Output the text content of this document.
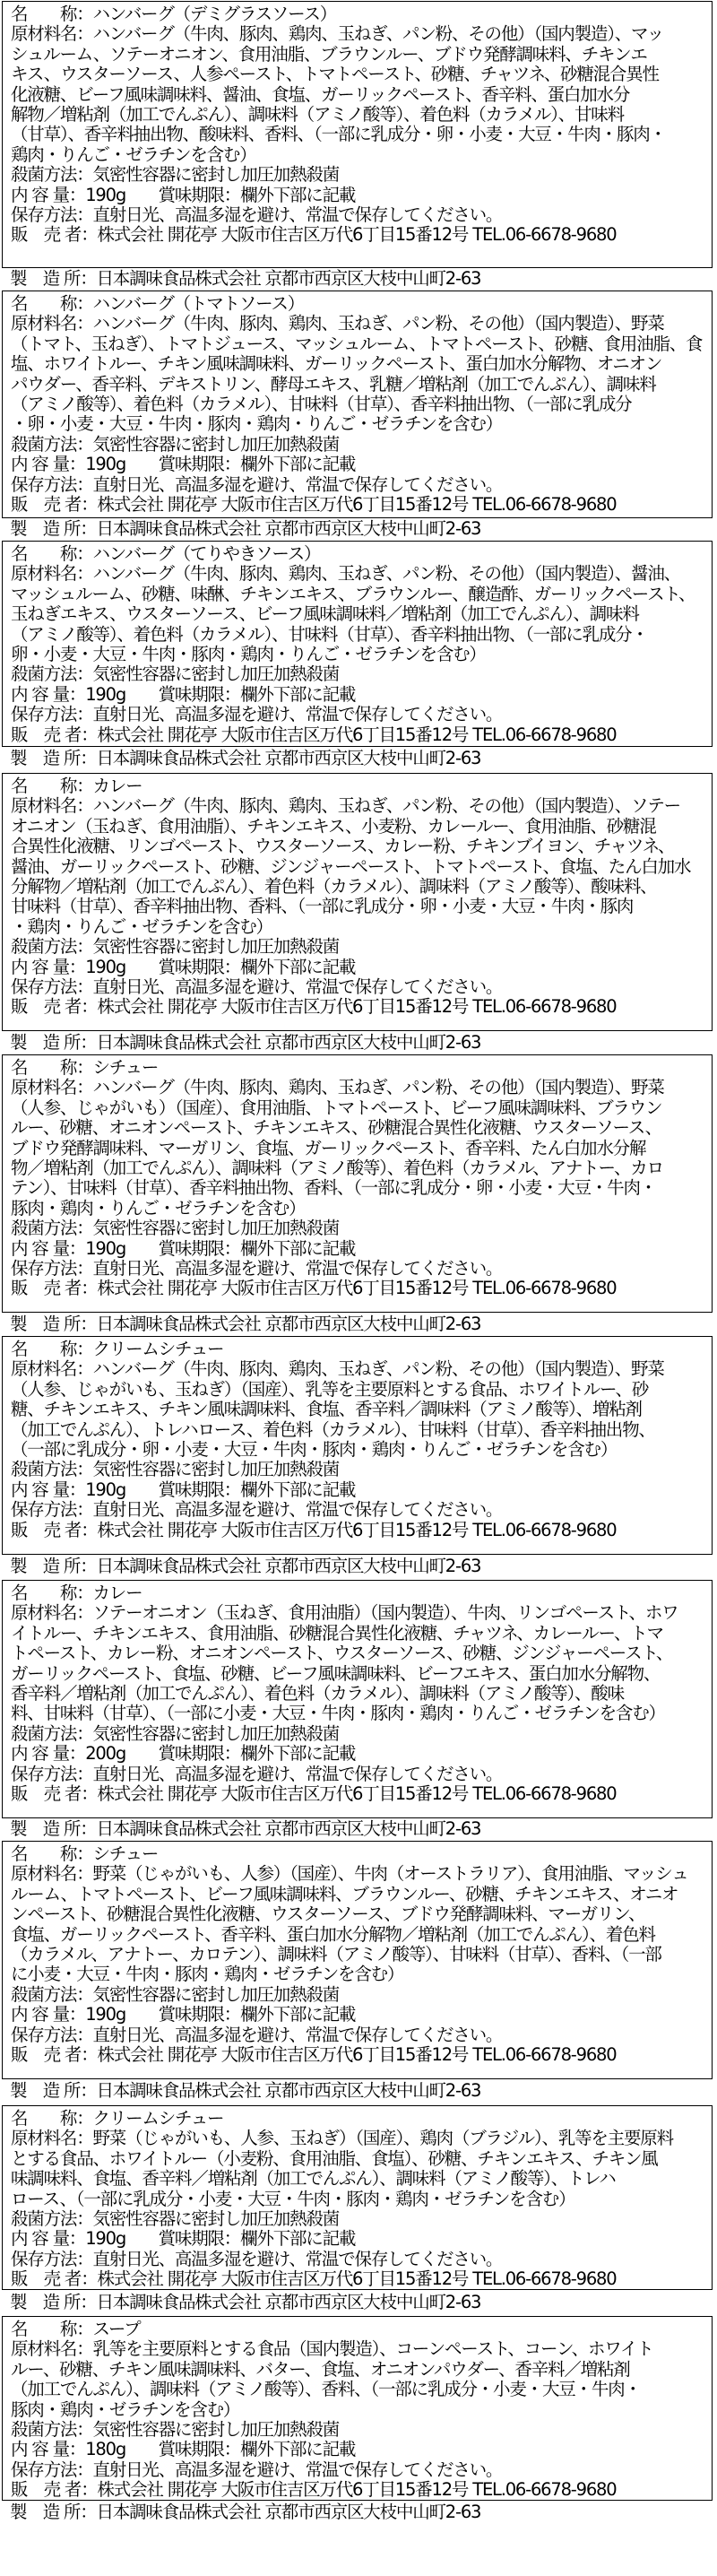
名　　称：ハンバーグ（デミグラスソース）
原材料名：ハンバーグ（牛肉、豚肉、鶏肉、玉ねぎ、パン粉、その他）（国内製造）、マッ
シュルーム、ソテーオニオン、食用油脂、ブラウンルー、ブドウ発酵調味料、チキンエ
キス、ウスターソース、人参ペースト、トマトペースト、砂糖、チャツネ、砂糖混合異性
化液糖、ビーフ風味調味料、醤油、食塩、ガーリックペースト、香辛料、蛋白加水分
解物／増粘剤（加工でんぷん）、調味料（アミノ酸等）、着色料（カラメル）、甘味料
（甘草）、香辛料抽出物、酸味料、香料、（一部に乳成分・卵・小麦・大豆・牛肉・豚肉・
鶏肉・りんご・ゼラチンを含む）
殺菌方法：気密性容器に密封し加圧加熱殺菌
内 容 量：190g　　賞味期限：欄外下部に記載
保存方法：直射日光、高温多湿を避け、常温で保存してください。
販　売 者：株式会社 開花亭 大阪市住吉区万代6丁目15番12号 TEL.06-6678-9680
製　造 所：日本調味食品株式会社 京都市西京区大枝中山町2-63
名　　称：ハンバーグ（トマトソース）
原材料名：ハンバーグ（牛肉、豚肉、鶏肉、玉ねぎ、パン粉、その他）（国内製造）、野菜
（トマト、玉ねぎ）、トマトジュース、マッシュルーム、トマトペースト、砂糖、食用油脂、食
塩、ホワイトルー、チキン風味調味料、ガーリックペースト、蛋白加水分解物、オニオン
パウダー、香辛料、デキストリン、酵母エキス、乳糖／増粘剤（加工でんぷん）、調味料
（アミノ酸等）、着色料（カラメル）、甘味料（甘草）、香辛料抽出物、（一部に乳成分
・卵・小麦・大豆・牛肉・豚肉・鶏肉・りんご・ゼラチンを含む）
殺菌方法：気密性容器に密封し加圧加熱殺菌
内 容 量：190g　　賞味期限：欄外下部に記載
保存方法：直射日光、高温多湿を避け、常温で保存してください。
販　売 者：株式会社 開花亭 大阪市住吉区万代6丁目15番12号 TEL.06-6678-9680
製　造 所：日本調味食品株式会社 京都市西京区大枝中山町2-63
名　　称：ハンバーグ（てりやきソース）
原材料名：ハンバーグ（牛肉、豚肉、鶏肉、玉ねぎ、パン粉、その他）（国内製造）、醤油、
マッシュルーム、砂糖、味醂、チキンエキス、ブラウンルー、醸造酢、ガーリックペースト、
玉ねぎエキス、ウスターソース、ビーフ風味調味料／増粘剤（加工でんぷん）、調味料
（アミノ酸等）、着色料（カラメル）、甘味料（甘草）、香辛料抽出物、（一部に乳成分・
卵・小麦・大豆・牛肉・豚肉・鶏肉・りんご・ゼラチンを含む）
殺菌方法：気密性容器に密封し加圧加熱殺菌
内 容 量：190g　　賞味期限：欄外下部に記載
保存方法：直射日光、高温多湿を避け、常温で保存してください。
販　売 者：株式会社 開花亭 大阪市住吉区万代6丁目15番12号 TEL.06-6678-9680
製　造 所：日本調味食品株式会社 京都市西京区大枝中山町2-63
名　　称：カレー
原材料名：ハンバーグ（牛肉、豚肉、鶏肉、玉ねぎ、パン粉、その他）（国内製造）、ソテー
オニオン（玉ねぎ、食用油脂）、チキンエキス、小麦粉、カレールー、食用油脂、砂糖混
合異性化液糖、リンゴペースト、ウスターソース、カレー粉、チキンブイヨン、チャツネ、
醤油、ガーリックペースト、砂糖、ジンジャーペースト、トマトペースト、食塩、たん白加水
分解物／増粘剤（加工でんぷん）、着色料（カラメル）、調味料（アミノ酸等）、酸味料、
甘味料（甘草）、香辛料抽出物、香料、（一部に乳成分・卵・小麦・大豆・牛肉・豚肉
・鶏肉・りんご・ゼラチンを含む）
殺菌方法：気密性容器に密封し加圧加熱殺菌
内 容 量：190g　　賞味期限：欄外下部に記載
保存方法：直射日光、高温多湿を避け、常温で保存してください。
販　売 者：株式会社 開花亭 大阪市住吉区万代6丁目15番12号 TEL.06-6678-9680
製　造 所：日本調味食品株式会社 京都市西京区大枝中山町2-63
名　　称：シチュー
原材料名：ハンバーグ（牛肉、豚肉、鶏肉、玉ねぎ、パン粉、その他）（国内製造）、野菜
（人参、じゃがいも）（国産）、食用油脂、トマトペースト、ビーフ風味調味料、ブラウン
ルー、砂糖、オニオンペースト、チキンエキス、砂糖混合異性化液糖、ウスターソース、
ブドウ発酵調味料、マーガリン、食塩、ガーリックペースト、香辛料、たん白加水分解
物／増粘剤（加工でんぷん）、調味料（アミノ酸等）、着色料（カラメル、アナトー、カロ
テン）、甘味料（甘草）、香辛料抽出物、香料、（一部に乳成分・卵・小麦・大豆・牛肉・
豚肉・鶏肉・りんご・ゼラチンを含む）
殺菌方法：気密性容器に密封し加圧加熱殺菌
内 容 量：190g　　賞味期限：欄外下部に記載
保存方法：直射日光、高温多湿を避け、常温で保存してください。
販　売 者：株式会社 開花亭 大阪市住吉区万代6丁目15番12号 TEL.06-6678-9680
製　造 所：日本調味食品株式会社 京都市西京区大枝中山町2-63
名　　称：クリームシチュー
原材料名：ハンバーグ（牛肉、豚肉、鶏肉、玉ねぎ、パン粉、その他）（国内製造）、野菜
（人参、じゃがいも、玉ねぎ）（国産）、乳等を主要原料とする食品、ホワイトルー、砂
糖、チキンエキス、チキン風味調味料、食塩、香辛料／調味料（アミノ酸等）、増粘剤
（加工でんぷん）、トレハロース、着色料（カラメル）、甘味料（甘草）、香辛料抽出物、
（一部に乳成分・卵・小麦・大豆・牛肉・豚肉・鶏肉・りんご・ゼラチンを含む）
殺菌方法：気密性容器に密封し加圧加熱殺菌
内 容 量：190g　　賞味期限：欄外下部に記載
保存方法：直射日光、高温多湿を避け、常温で保存してください。
販　売 者：株式会社 開花亭 大阪市住吉区万代6丁目15番12号 TEL.06-6678-9680
製　造 所：日本調味食品株式会社 京都市西京区大枝中山町2-63
名　　称：カレー
原材料名：ソテーオニオン（玉ねぎ、食用油脂）（国内製造）、牛肉、リンゴペースト、ホワ
イトルー、チキンエキス、食用油脂、砂糖混合異性化液糖、チャツネ、カレールー、トマ
トペースト、カレー粉、オニオンペースト、ウスターソース、砂糖、ジンジャーペースト、
ガーリックペースト、食塩、砂糖、ビーフ風味調味料、ビーフエキス、蛋白加水分解物、
香辛料／増粘剤（加工でんぷん）、着色料（カラメル）、調味料（アミノ酸等）、酸味
料、甘味料（甘草）、（一部に小麦・大豆・牛肉・豚肉・鶏肉・りんご・ゼラチンを含む）
殺菌方法：気密性容器に密封し加圧加熱殺菌
内 容 量：200g　　賞味期限：欄外下部に記載
保存方法：直射日光、高温多湿を避け、常温で保存してください。
販　売 者：株式会社 開花亭 大阪市住吉区万代6丁目15番12号 TEL.06-6678-9680
製　造 所：日本調味食品株式会社 京都市西京区大枝中山町2-63
名　　称：シチュー
原材料名：野菜（じゃがいも、人参）（国産）、牛肉（オーストラリア）、食用油脂、マッシュ
ルーム、トマトペースト、ビーフ風味調味料、ブラウンルー、砂糖、チキンエキス、オニオ
ンペースト、砂糖混合異性化液糖、ウスターソース、ブドウ発酵調味料、マーガリン、
食塩、ガーリックペースト、香辛料、蛋白加水分解物／増粘剤（加工でんぷん）、着色料
（カラメル、アナトー、カロテン）、調味料（アミノ酸等）、甘味料（甘草）、香料、（一部
に小麦・大豆・牛肉・豚肉・鶏肉・ゼラチンを含む）
殺菌方法：気密性容器に密封し加圧加熱殺菌
内 容 量：190g　　賞味期限：欄外下部に記載
保存方法：直射日光、高温多湿を避け、常温で保存してください。
販　売 者：株式会社 開花亭 大阪市住吉区万代6丁目15番12号 TEL.06-6678-9680
製　造 所：日本調味食品株式会社 京都市西京区大枝中山町2-63
名　　称：クリームシチュー
原材料名：野菜（じゃがいも、人参、玉ねぎ）（国産）、鶏肉（ブラジル）、乳等を主要原料
とする食品、ホワイトルー（小麦粉、食用油脂、食塩）、砂糖、チキンエキス、チキン風
味調味料、食塩、香辛料／増粘剤（加工でんぷん）、調味料（アミノ酸等）、トレハ
ロース、（一部に乳成分・小麦・大豆・牛肉・豚肉・鶏肉・ゼラチンを含む）
殺菌方法：気密性容器に密封し加圧加熱殺菌
内 容 量：190g　　賞味期限：欄外下部に記載
保存方法：直射日光、高温多湿を避け、常温で保存してください。
販　売 者：株式会社 開花亭 大阪市住吉区万代6丁目15番12号 TEL.06-6678-9680
製　造 所：日本調味食品株式会社 京都市西京区大枝中山町2-63
名　　称：スープ
原材料名：乳等を主要原料とする食品（国内製造）、コーンペースト、コーン、ホワイト
ルー、砂糖、チキン風味調味料、バター、食塩、オニオンパウダー、香辛料／増粘剤
（加工でんぷん）、調味料（アミノ酸等）、香料、（一部に乳成分・小麦・大豆・牛肉・
豚肉・鶏肉・ゼラチンを含む）
殺菌方法：気密性容器に密封し加圧加熱殺菌
内 容 量：180g　　賞味期限：欄外下部に記載
保存方法：直射日光、高温多湿を避け、常温で保存してください。
販　売 者：株式会社 開花亭 大阪市住吉区万代6丁目15番12号 TEL.06-6678-9680
製　造 所：日本調味食品株式会社 京都市西京区大枝中山町2-63
